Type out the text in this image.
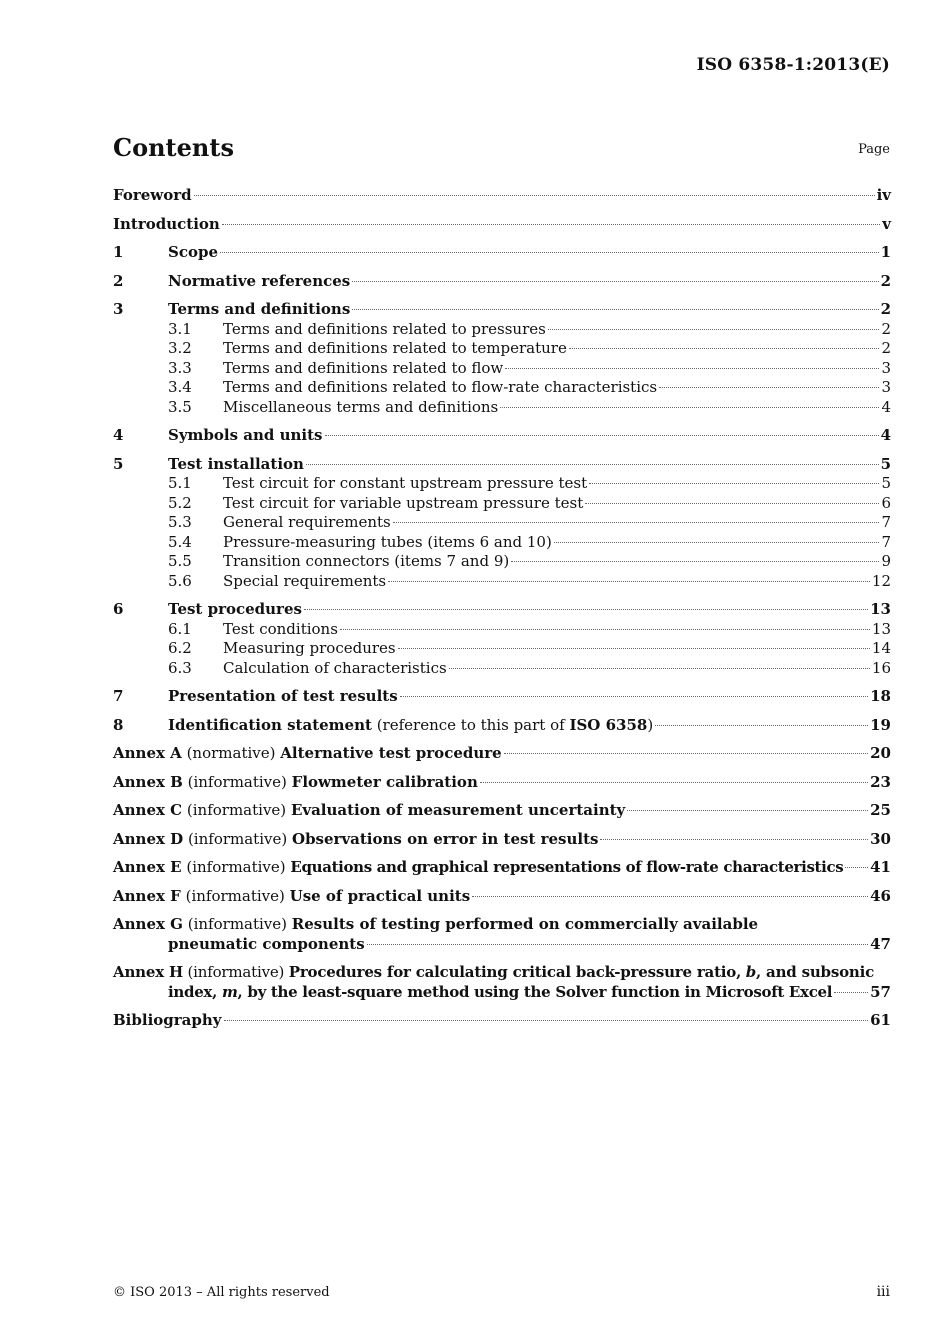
ISO 6358-1:2013(E)
Contents	Page
Foreword	iv
Introduction	v
1	Scope	1
2	Normative references	2
3	Terms and definitions	2
3.1	Terms and definitions related to pressures	2
3.2	Terms and definitions related to temperature	2
3.3	Terms and definitions related to flow	3
3.4	Terms and definitions related to flow-rate characteristics	3
3.5	Miscellaneous terms and definitions	4
4	Symbols and units	4
5	Test installation	5
5.1	Test circuit for constant upstream pressure test	5
5.2	Test circuit for variable upstream pressure test	6
5.3	General requirements	7
5.4	Pressure-measuring tubes (items 6 and 10)	7
5.5	Transition connectors (items 7 and 9)	9
5.6	Special requirements	12
6	Test procedures	13
6.1	Test conditions	13
6.2	Measuring procedures	14
6.3	Calculation of characteristics	16
7	Presentation of test results	18
8	Identification statement (reference to this part of ISO 6358)	19
Annex A (normative) Alternative test procedure	20
Annex B (informative) Flowmeter calibration	23
Annex C (informative) Evaluation of measurement uncertainty	25
Annex D (informative) Observations on error in test results	30
Annex E (informative) Equations and graphical representations of flow-rate characteristics 41
Annex F (informative) Use of practical units	46
Annex G (informative) Results of testing performed on commercially available
pneumatic components	47
Annex H (informative) Procedures for calculating critical back-pressure ratio, b, and subsonic
index, m, by the least-square method using the Solver function in Microsoft Excel	57
Bibliography	61
© ISO 2013 – All rights reserved	iii
